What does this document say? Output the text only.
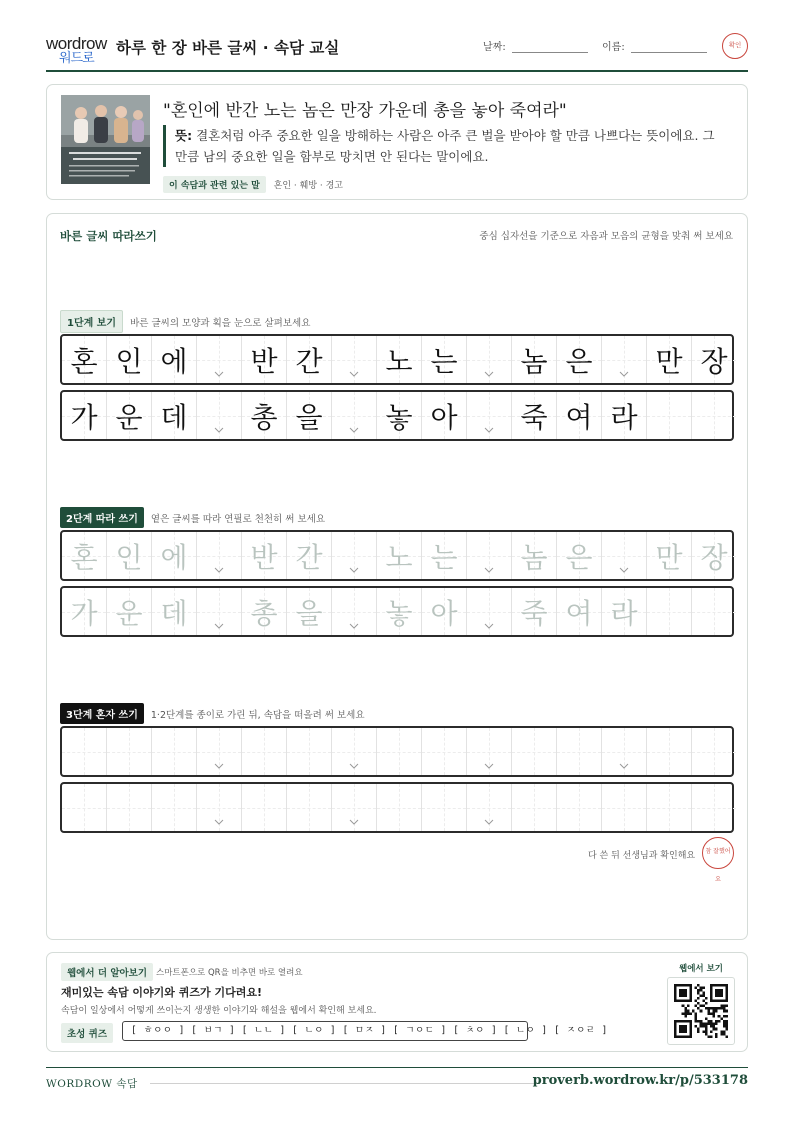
wordrow
워드로
하루 한 장 바른 글씨 · 속담 교실	날짜:	이름:	확인
"혼인에 반간 노는 놈은 만장 가운데 총을 놓아 죽여라"
뜻: 결혼처럼 아주 중요한 일을 방해하는 사람은 아주 큰 벌을 받아야 할 만큼 나쁘다는 뜻이에요. 그만큼 남의 중요한 일을 함부로 망치면 안 된다는 말이에요.
이 속담과 관련 있는 말 혼인 · 훼방 · 경고
바른 글씨 따라쓰기	중심 십자선을 기준으로 자음과 모음의 균형을 맞춰 써 보세요
1단계 보기	바른 글씨의 모양과 획을 눈으로 살펴보세요
혼 인 에 반 간 노 는 놈 은 만 장
가 운 데 총 을 놓 아 죽 여 라
2단계 따라 쓰기	옅은 글씨를 따라 연필로 천천히 써 보세요
혼 인 에 반 간 노 는 놈 은 만 장
가 운 데 총 을 놓 아 죽 여 라
3단계 혼자 쓰기	1·2단계를 종이로 가린 뒤, 속담을 떠올려 써 보세요
다 쓴 뒤 선생님과 확인해요	참 잘했어요
웹에서 더 알아보기	스마트폰으로 QR을 비추면 바로 열려요
재미있는 속담 이야기와 퀴즈가 기다려요!
속담이 일상에서 어떻게 쓰이는지 생생한 이야기와 해설을 웹에서 확인해 보세요.
초성 퀴즈	[ ㅎㅇㅇ ] [ ㅂㄱ ] [ ㄴㄴ ] [ ㄴㅇ ] [ ㅁㅈ ] [ ㄱㅇㄷ ] [ ㅊㅇ ] [ ㄴㅇ ] [ ㅈㅇㄹ ]
웹에서 보기
WORDROW 속담	proverb.wordrow.kr/p/533178
